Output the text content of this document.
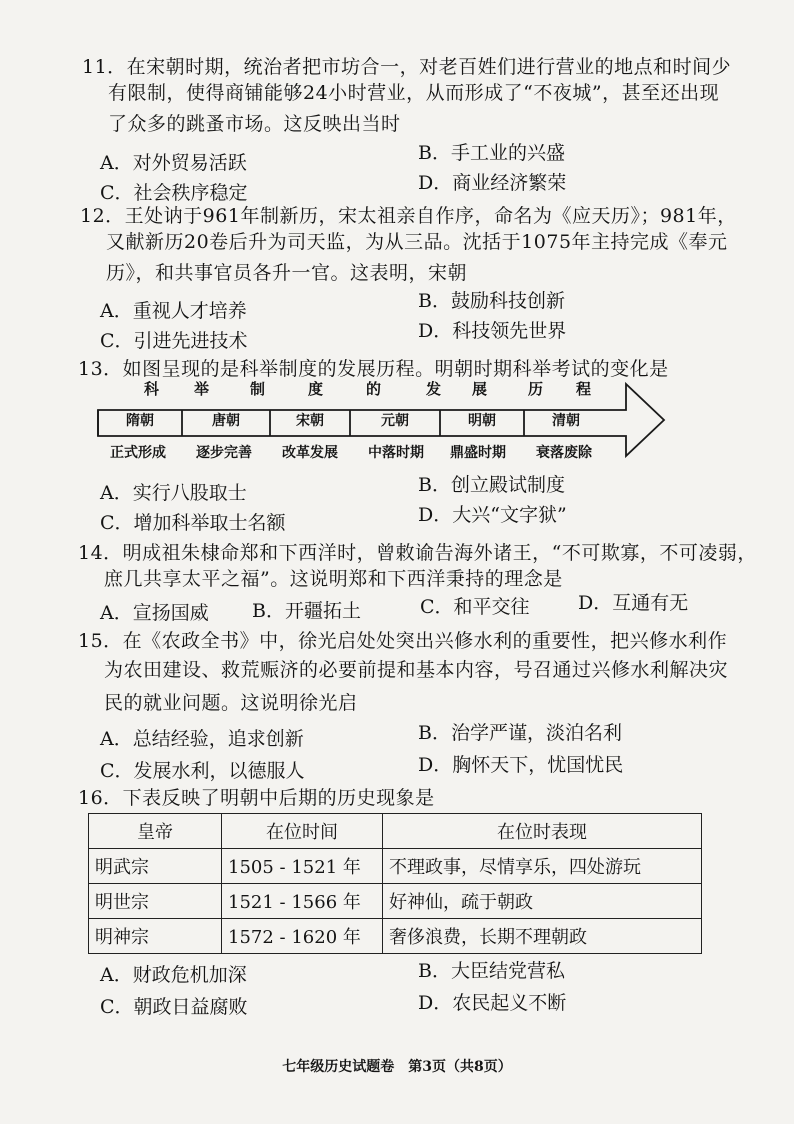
11．在宋朝时期，统治者把市坊合一，对老百姓们进行营业的地点和时间少
有限制，使得商铺能够24小时营业，从而形成了“不夜城”，甚至还出现
了众多的跳蚤市场。这反映出当时
A．对外贸易活跃	B．手工业的兴盛
C．社会秩序稳定	D．商业经济繁荣
12．王处讷于961年制新历，宋太祖亲自作序，命名为《应天历》；981年，
又献新历20卷后升为司天监，为从三品。沈括于1075年主持完成《奉元
历》，和共事官员各升一官。这表明，宋朝
A．重视人才培养	B．鼓励科技创新
C．引进先进技术	D．科技领先世界
13．如图呈现的是科举制度的发展历程。明朝时期科举考试的变化是
科 举	制	度	的	发 展	历 程
隋朝	唐朝	宋朝	元朝	明朝	清朝
正式形成 逐步完善 改革发展 中落时期 鼎盛时期 衰落废除
A．实行八股取士	B．创立殿试制度
C．增加科举取士名额	D．大兴“文字狱”
14．明成祖朱棣命郑和下西洋时，曾敕谕告海外诸王，“不可欺寡，不可凌弱，
庶几共享太平之福”。这说明郑和下西洋秉持的理念是
A．宣扬国威 B．开疆拓土	C．和平交往	D．互通有无
15．在《农政全书》中，徐光启处处突出兴修水利的重要性，把兴修水利作
为农田建设、救荒赈济的必要前提和基本内容，号召通过兴修水利解决灾
民的就业问题。这说明徐光启
A．总结经验，追求创新	B．治学严谨，淡泊名利
C．发展水利，以德服人	D．胸怀天下，忧国忧民
16．下表反映了明朝中后期的历史现象是
皇帝	在位时间	在位时表现
明武宗	1505 - 1521 年	不理政事，尽情享乐，四处游玩
明世宗	1521 - 1566 年	好神仙，疏于朝政
明神宗	1572 - 1620 年	奢侈浪费，长期不理朝政
A．财政危机加深	B．大臣结党营私
C．朝政日益腐败	D．农民起义不断
七年级历史试题卷　第3页（共8页）
